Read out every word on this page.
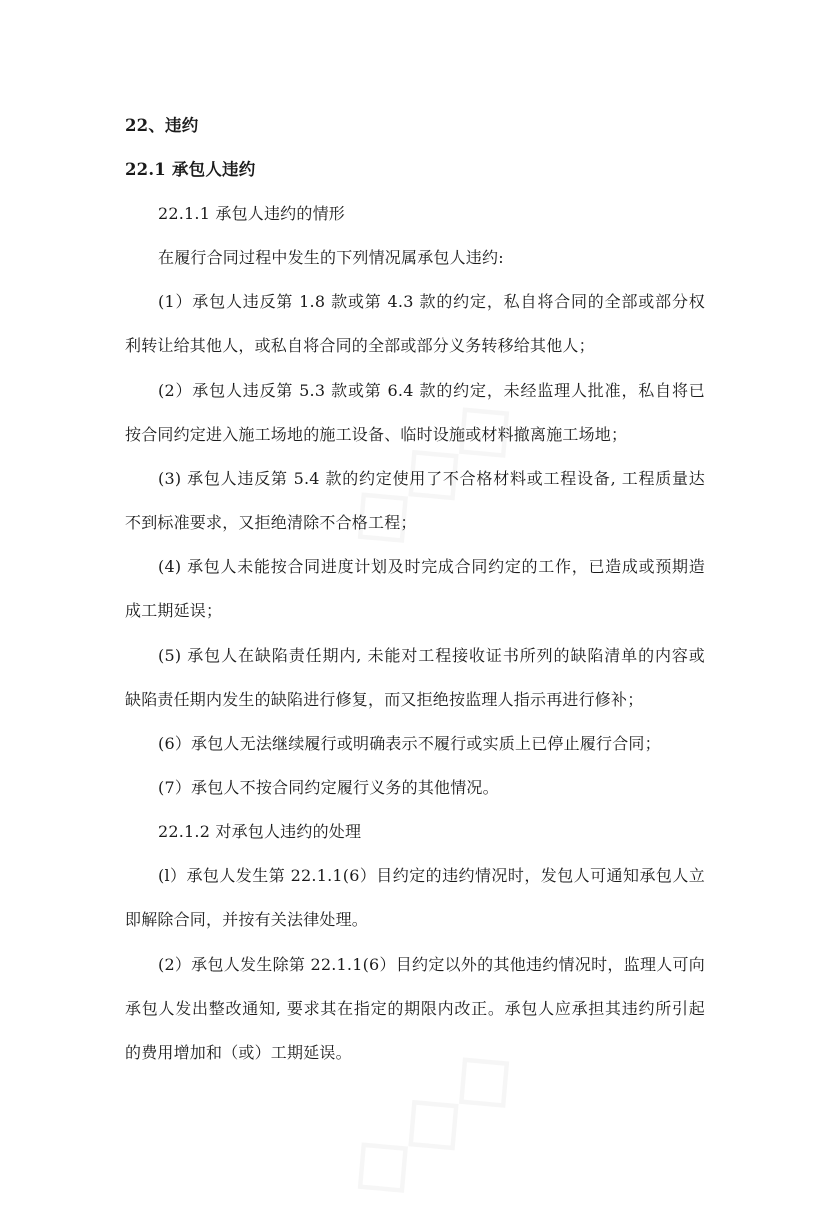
22、违约
22.1 承包人违约
22.1.1 承包人违约的情形
在履行合同过程中发生的下列情况属承包人违约:
(1）承包人违反第 1.8 款或第 4.3 款的约定，私自将合同的全部或部分权
利转让给其他人，或私自将合同的全部或部分义务转移给其他人；
(2）承包人违反第 5.3 款或第 6.4 款的约定，未经监理人批准，私自将已
按合同约定进入施工场地的施工设备、临时设施或材料撤离施工场地；
(3) 承包人违反第 5.4 款的约定使用了不合格材料或工程设备, 工程质量达
不到标准要求，又拒绝清除不合格工程；
(4) 承包人未能按合同进度计划及时完成合同约定的工作，已造成或预期造
成工期延误；
(5) 承包人在缺陷责任期内, 未能对工程接收证书所列的缺陷清单的内容或
缺陷责任期内发生的缺陷进行修复，而又拒绝按监理人指示再进行修补；
(6）承包人无法继续履行或明确表示不履行或实质上已停止履行合同；
(7）承包人不按合同约定履行义务的其他情况。
22.1.2 对承包人违约的处理
(l）承包人发生第 22.1.1(6）目约定的违约情况时，发包人可通知承包人立
即解除合同，并按有关法律处理。
(2）承包人发生除第 22.1.1(6）目约定以外的其他违约情况时，监理人可向
承包人发出整改通知, 要求其在指定的期限内改正。承包人应承担其违约所引起
的费用增加和（或）工期延误。
